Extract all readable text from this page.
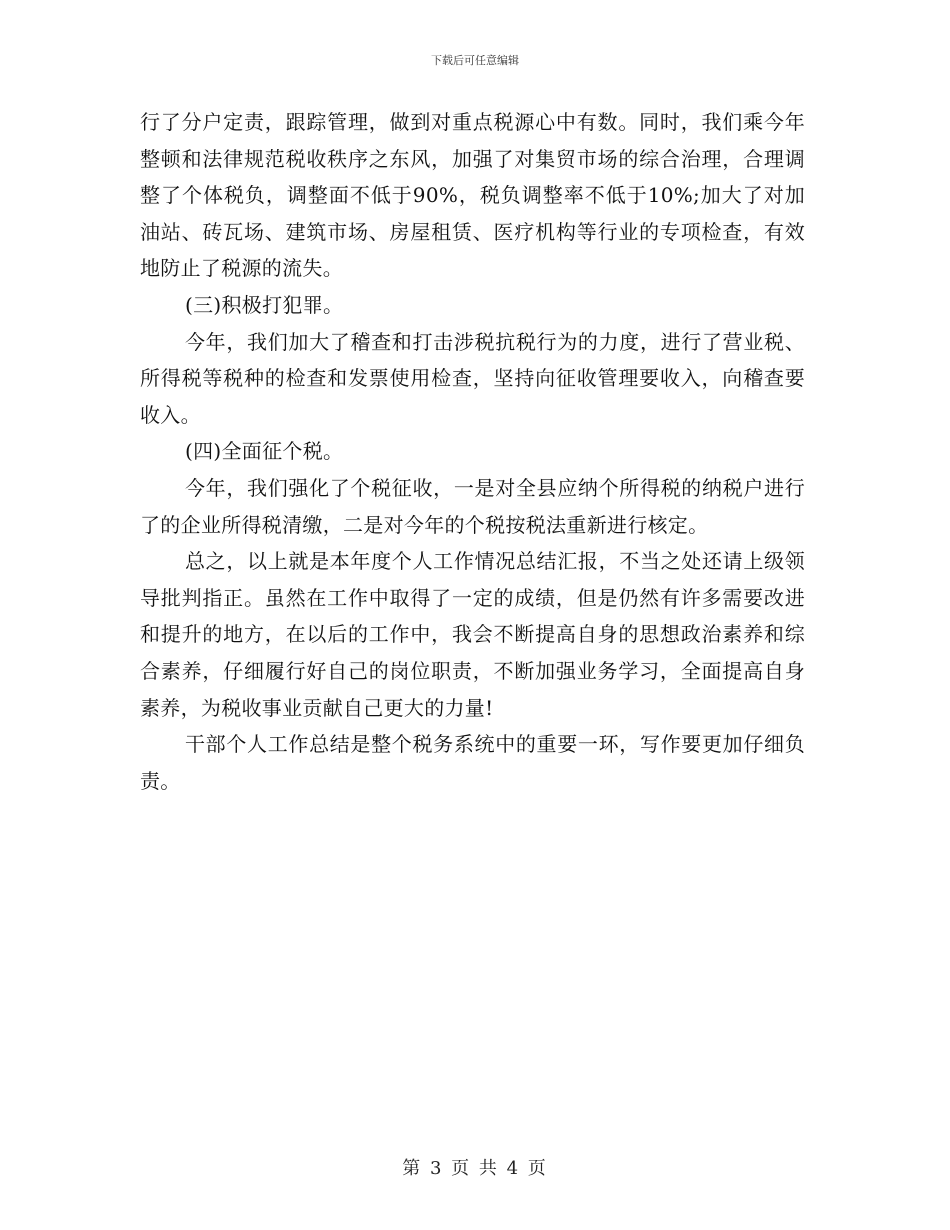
下载后可任意编辑

行了分户定责，跟踪管理，做到对重点税源心中有数。同时，我们乘今年整顿和法律规范税收秩序之东风，加强了对集贸市场的综合治理，合理调整了个体税负，调整面不低于90%，税负调整率不低于10%;加大了对加油站、砖瓦场、建筑市场、房屋租赁、医疗机构等行业的专项检查，有效地防止了税源的流失。

(三)积极打犯罪。

今年，我们加大了稽查和打击涉税抗税行为的力度，进行了营业税、所得税等税种的检查和发票使用检查，坚持向征收管理要收入，向稽查要收入。

(四)全面征个税。

今年，我们强化了个税征收，一是对全县应纳个所得税的纳税户进行了的企业所得税清缴，二是对今年的个税按税法重新进行核定。

总之，以上就是本年度个人工作情况总结汇报，不当之处还请上级领导批判指正。虽然在工作中取得了一定的成绩，但是仍然有许多需要改进和提升的地方，在以后的工作中，我会不断提高自身的思想政治素养和综合素养，仔细履行好自己的岗位职责，不断加强业务学习，全面提高自身素养，为税收事业贡献自己更大的力量!

干部个人工作总结是整个税务系统中的重要一环，写作要更加仔细负责。

第 3 页 共 4 页
